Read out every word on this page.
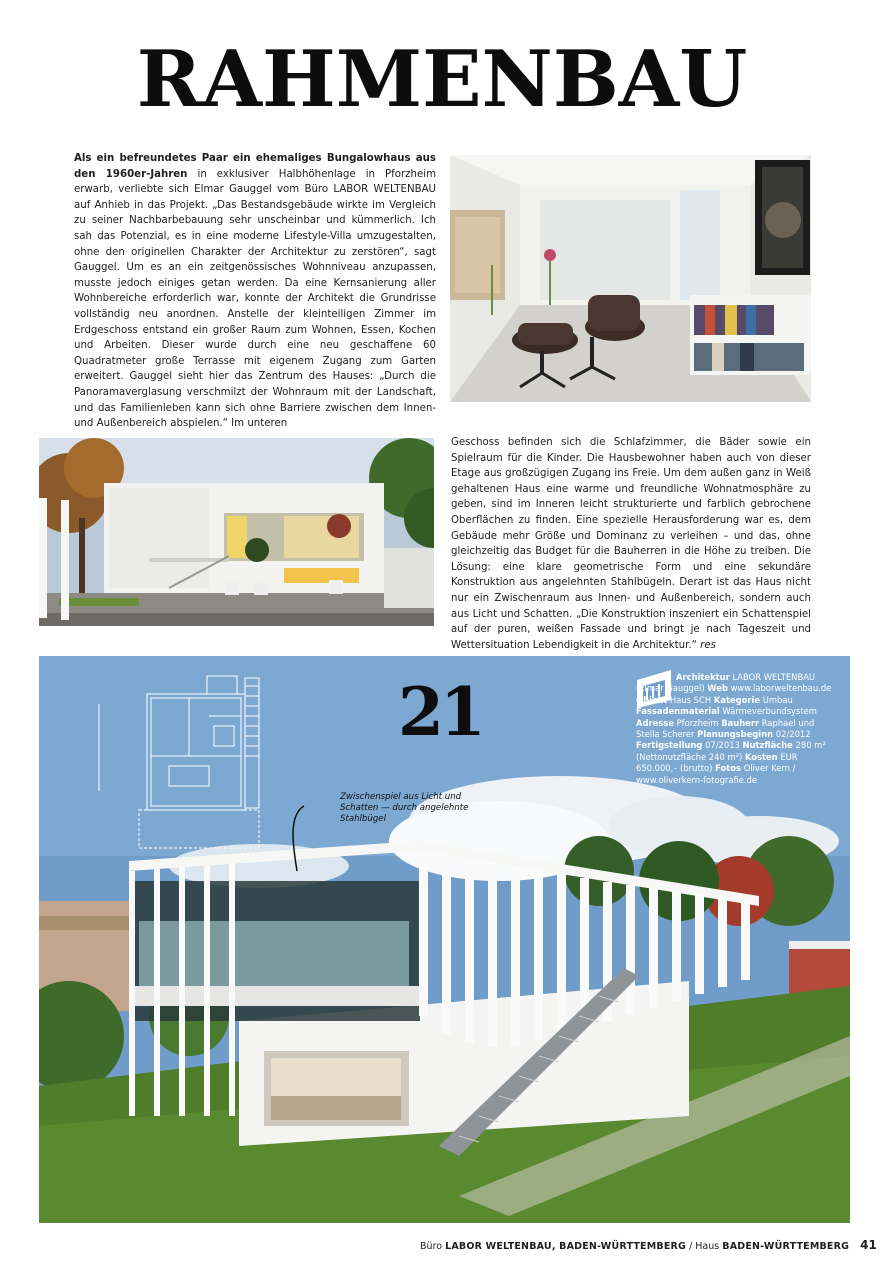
RAHMENBAU

Als ein befreundetes Paar ein ehemaliges Bungalowhaus aus den 1960er-Jahren in exklusiver Halbhöhenlage in Pforzheim erwarb, verliebte sich Elmar Gauggel vom Büro LABOR WELTENBAU auf Anhieb in das Projekt. „Das Bestandsgebäude wirkte im Vergleich zu seiner Nachbarbebauung sehr unscheinbar und kümmerlich. Ich sah das Potenzial, es in eine moderne Lifestyle-Villa umzugestalten, ohne den originellen Charakter der Architektur zu zerstören“, sagt Gauggel. Um es an ein zeitgenössisches Wohnniveau anzupassen, musste jedoch einiges getan werden. Da eine Kernsanierung aller Wohnbereiche erforderlich war, konnte der Architekt die Grundrisse vollständig neu anordnen. Anstelle der kleinteiligen Zimmer im Erdgeschoss entstand ein großer Raum zum Wohnen, Essen, Kochen und Arbeiten. Dieser wurde durch eine neu geschaffene 60 Quadratmeter große Terrasse mit eigenem Zugang zum Garten erweitert. Gauggel sieht hier das Zentrum des Hauses: „Durch die Panoramaverglasung verschmilzt der Wohnraum mit der Landschaft, und das Familienleben kann sich ohne Barriere zwischen dem Innen- und Außenbereich abspielen.“ Im unteren

Geschoss befinden sich die Schlafzimmer, die Bäder sowie ein Spielraum für die Kinder. Die Hausbewohner haben auch von dieser Etage aus großzügigen Zugang ins Freie. Um dem außen ganz in Weiß gehaltenen Haus eine warme und freundliche Wohnatmosphäre zu geben, sind im Inneren leicht strukturierte und farblich gebrochene Oberflächen zu finden. Eine spezielle Herausforderung war es, dem Gebäude mehr Größe und Dominanz zu verleihen – und das, ohne gleichzeitig das Budget für die Bauherren in die Höhe zu treiben. Die Lösung: eine klare geometrische Form und eine sekundäre Konstruktion aus angelehnten Stahlbügeln. Derart ist das Haus nicht nur ein Zwischenraum aus Innen- und Außenbereich, sondern auch aus Licht und Schatten. „Die Konstruktion inszeniert ein Schattenspiel auf der puren, weißen Fassade und bringt je nach Tageszeit und Wettersituation Lebendigkeit in die Architektur.“ res

21
Zwischenspiel aus Licht und Schatten — durch angelehnte Stahlbügel
Architektur LABOR WELTENBAU (Elmar Gauggel) Web www.laborweltenbau.de Objekt Haus SCH Kategorie Umbau Fassadenmaterial Wärmeverbundsystem Adresse Pforzheim Bauherr Raphael und Stella Scherer Planungsbeginn 02/2012 Fertigstellung 07/2013 Nutzfläche 280 m² (Nettonutzfläche 240 m²) Kosten EUR 650.000,– (brutto) Fotos Oliver Kern / www.oliverkern-fotografie.de
Büro LABOR WELTENBAU, BADEN-WÜRTTEMBERG / Haus BADEN-WÜRTTEMBERG 41
